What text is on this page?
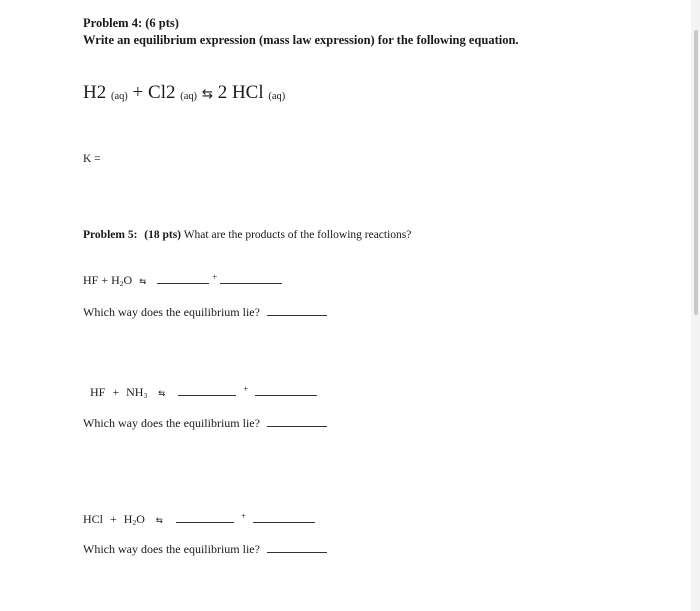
Problem 4: (6 pts)
Write an equilibrium expression (mass law expression) for the following equation.
H2 (aq) + Cl2 (aq) ⇆ 2 HCl (aq)
K =
Problem 5: (18 pts) What are the products of the following reactions?
HF + $H_2O$ ⇆	+
Which way does the equilibrium lie?
HF + $NH_3$ ⇆	+
Which way does the equilibrium lie?
HCl + $H_2O$ ⇆	+
Which way does the equilibrium lie?
